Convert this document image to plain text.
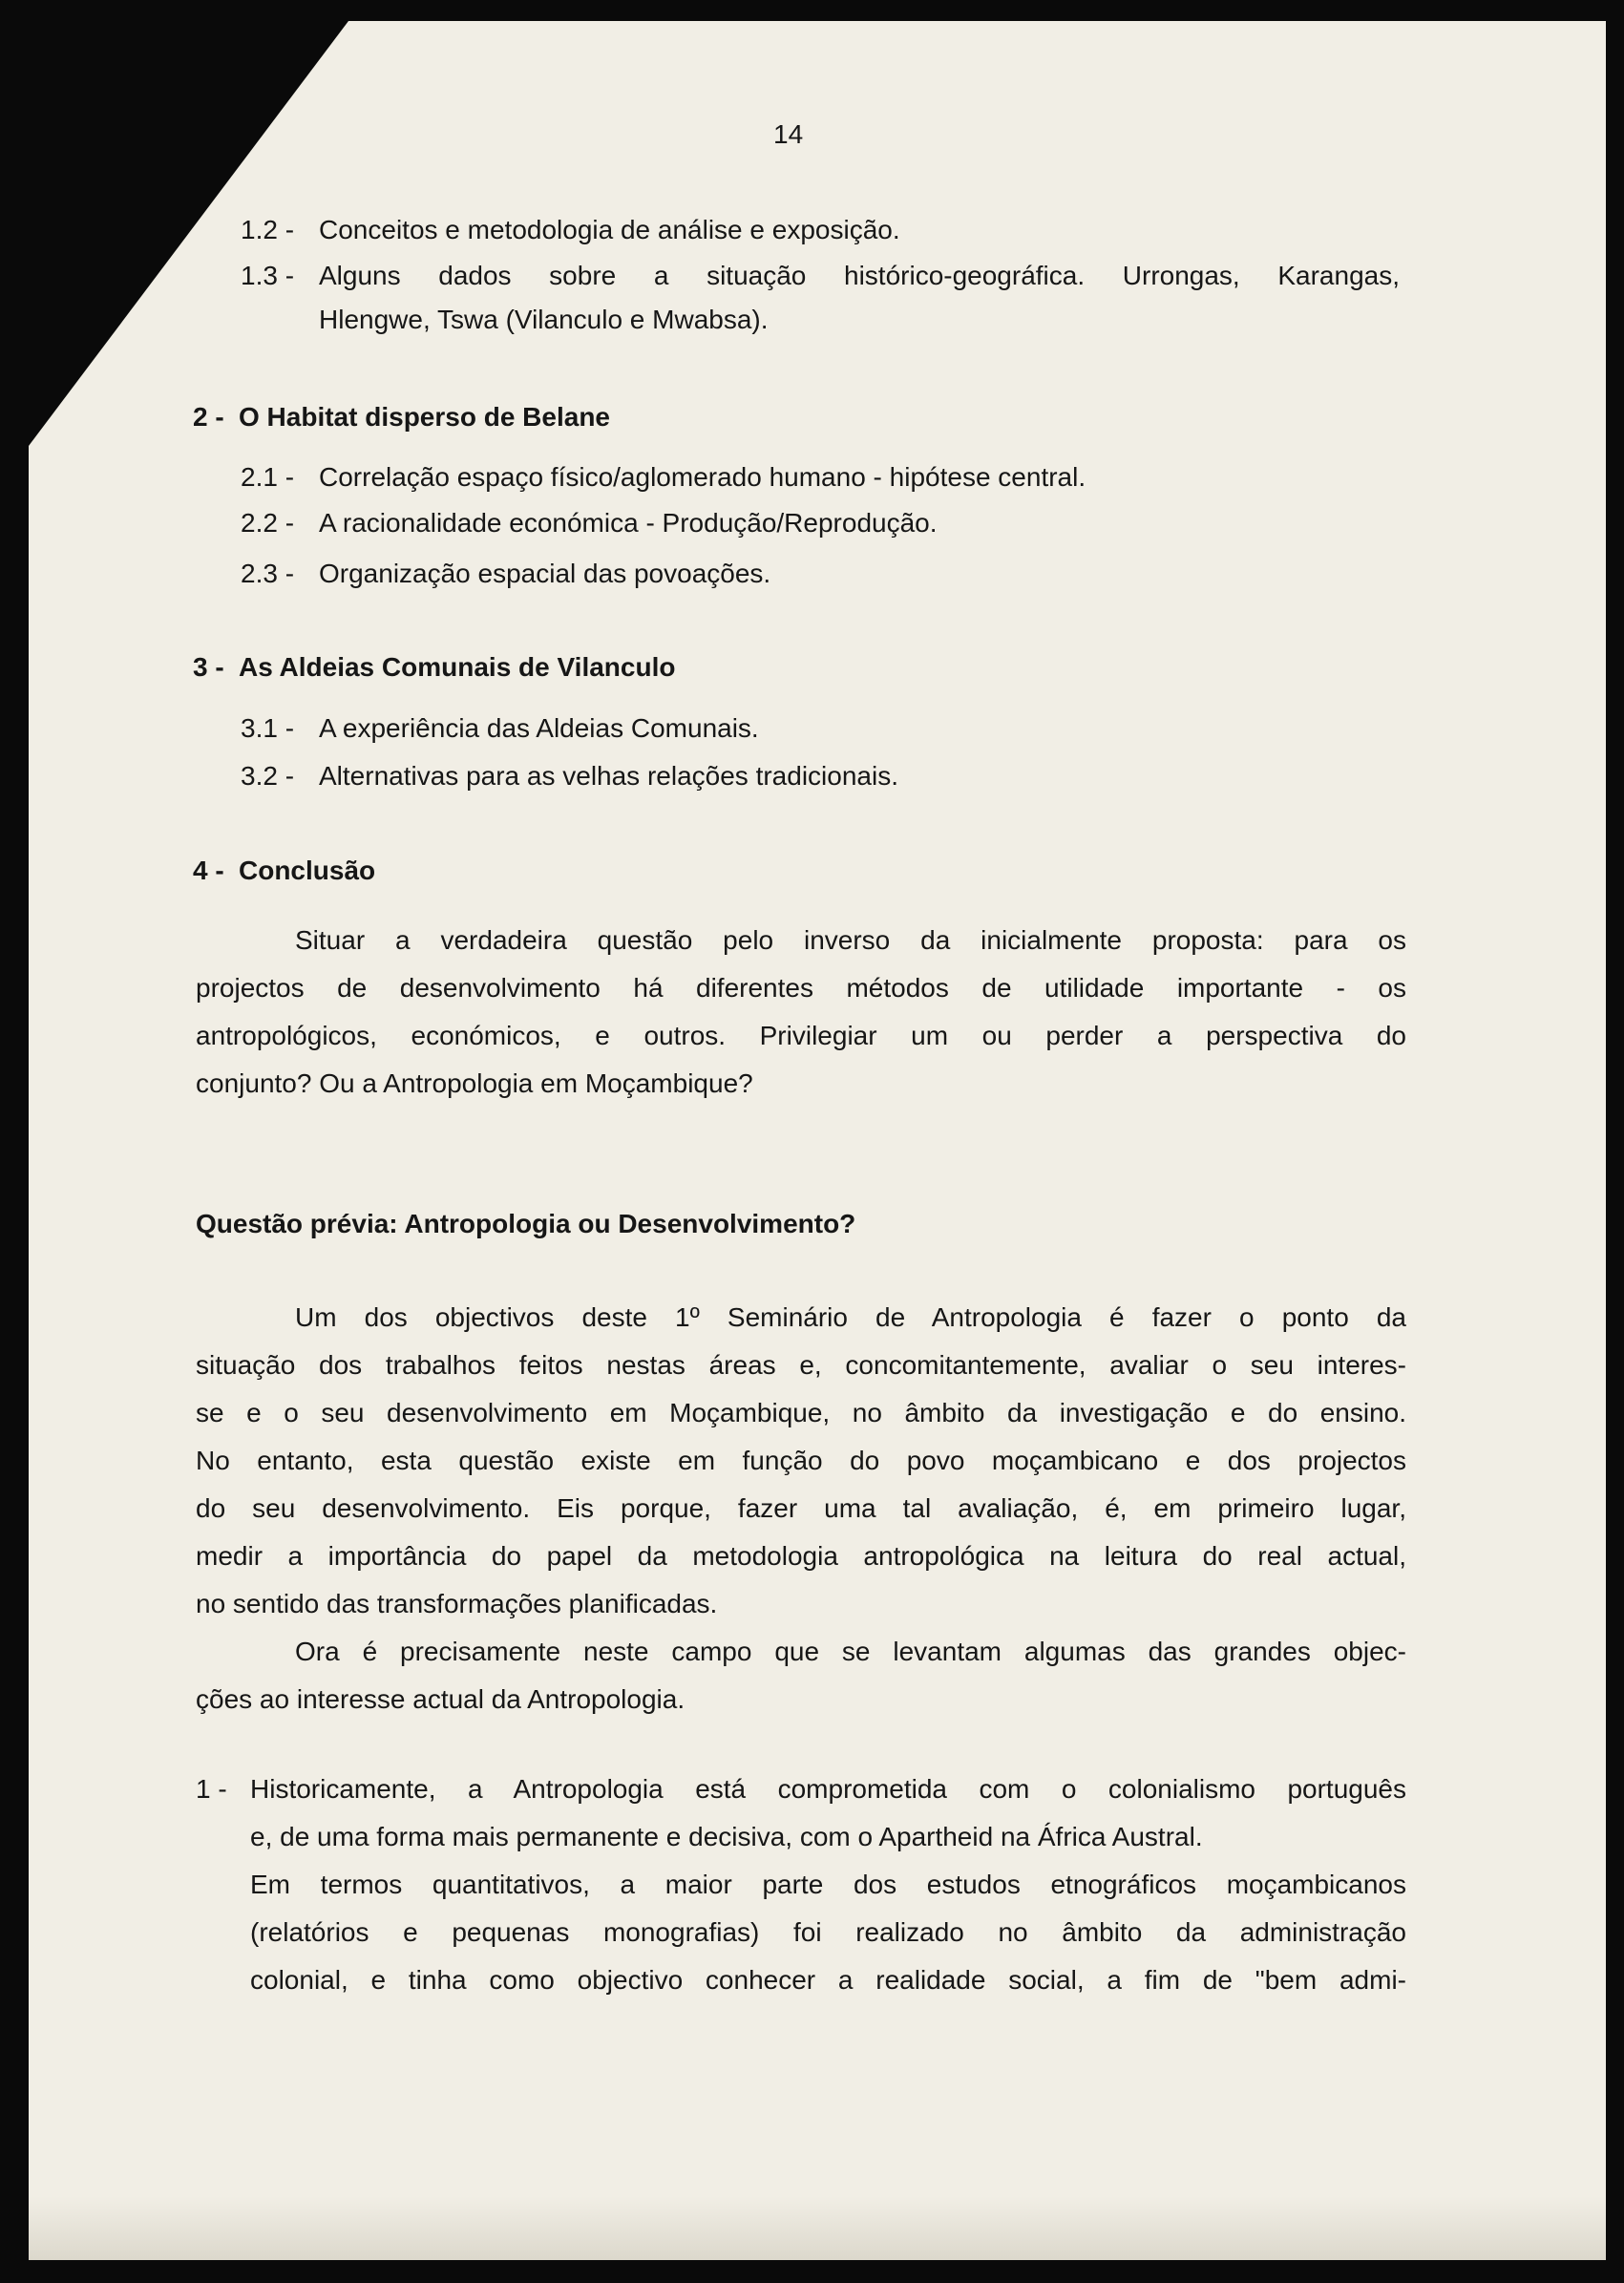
14
1.2 - Conceitos e metodologia de análise e exposição.
1.3 - Alguns dados sobre a situação histórico-geográfica. Urrongas, Karangas,
Hlengwe, Tswa (Vilanculo e Mwabsa).
2 - O Habitat disperso de Belane
2.1 - Correlação espaço físico/aglomerado humano - hipótese central.
2.2 - A racionalidade económica - Produção/Reprodução.
2.3 - Organização espacial das povoações.
3 - As Aldeias Comunais de Vilanculo
3.1 - A experiência das Aldeias Comunais.
3.2 - Alternativas para as velhas relações tradicionais.
4 - Conclusão
Situar a verdadeira questão pelo inverso da inicialmente proposta: para os
projectos de desenvolvimento há diferentes métodos de utilidade importante - os
antropológicos, económicos, e outros. Privilegiar um ou perder a perspectiva do
conjunto? Ou a Antropologia em Moçambique?
Questão prévia: Antropologia ou Desenvolvimento?
Um dos objectivos deste 1º Seminário de Antropologia é fazer o ponto da
situação dos trabalhos feitos nestas áreas e, concomitantemente, avaliar o seu interes-
se e o seu desenvolvimento em Moçambique, no âmbito da investigação e do ensino.
No entanto, esta questão existe em função do povo moçambicano e dos projectos
do seu desenvolvimento. Eis porque, fazer uma tal avaliação, é, em primeiro lugar,
medir a importância do papel da metodologia antropológica na leitura do real actual,
no sentido das transformações planificadas.
Ora é precisamente neste campo que se levantam algumas das grandes objec-
ções ao interesse actual da Antropologia.
1 - Historicamente, a Antropologia está comprometida com o colonialismo português
e, de uma forma mais permanente e decisiva, com o Apartheid na África Austral.
Em termos quantitativos, a maior parte dos estudos etnográficos moçambicanos
(relatórios e pequenas monografias) foi realizado no âmbito da administração
colonial, e tinha como objectivo conhecer a realidade social, a fim de "bem admi-
